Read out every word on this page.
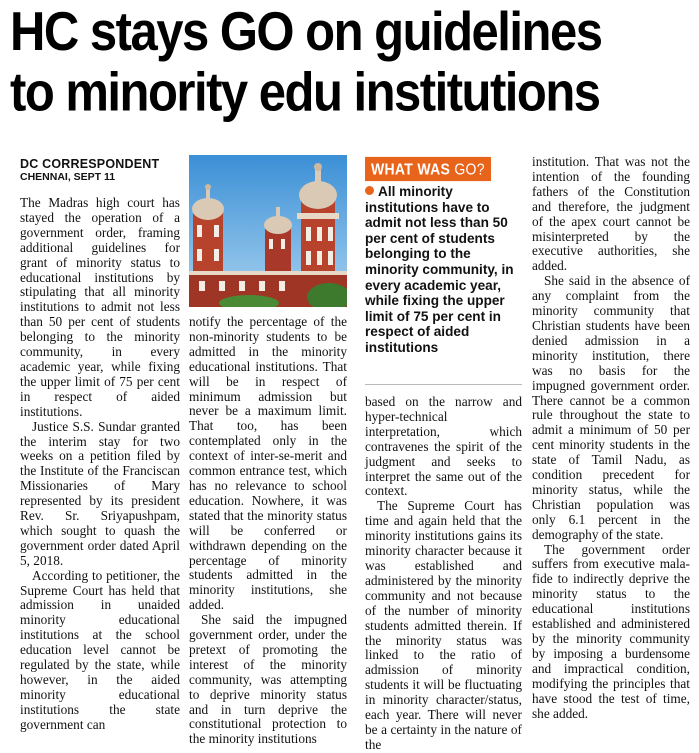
HC stays GO on guidelines
to minority edu institutions
DC CORRESPONDENT
CHENNAI, SEPT 11

The Madras high court has stayed the operation of a government order, framing additional guidelines for grant of minority status to educational institutions by stipulating that all minority institutions to admit not less than 50 per cent of students belonging to the minority community, in every academic year, while fixing the upper limit of 75 per cent in respect of aided institutions.

Justice S.S. Sundar granted the interim stay for two weeks on a petition filed by the Institute of the Franciscan Missionaries of Mary represented by its president Rev. Sr. Sriyapushpam, which sought to quash the government order dated April 5, 2018.

According to petitioner, the Supreme Court has held that admission in unaided minority educational institutions at the school education level cannot be regulated by the state, while however, in the aided minority educational institutions the state government can

notify the percentage of the non-minority students to be admitted in the minority educational institutions. That will be in respect of minimum admission but never be a maximum limit. That too, has been contemplated only in the context of inter-se-merit and common entrance test, which has no relevance to school education. Nowhere, it was stated that the minority status will be conferred or withdrawn depending on the percentage of minority students admitted in the minority institutions, she added.

She said the impugned government order, under the pretext of promoting the interest of the minority community, was attempting to deprive minority status and in turn deprive the constitutional protection to the minority institutions

WHAT WAS GO?
All minority institutions have to admit not less than 50 per cent of students belonging to the minority community, in every academic year, while fixing the upper limit of 75 per cent in respect of aided institutions

based on the narrow and hyper-technical interpretation, which contravenes the spirit of the judgment and seeks to interpret the same out of the context.

The Supreme Court has time and again held that the minority institutions gains its minority character because it was established and administered by the minority community and not because of the number of minority students admitted therein. If the minority status was linked to the ratio of admission of minority students it will be fluctuating in minority character/status, each year. There will never be a certainty in the nature of the

institution. That was not the intention of the founding fathers of the Constitution and therefore, the judgment of the apex court cannot be misinterpreted by the executive authorities, she added.

She said in the absence of any complaint from the minority community that Christian students have been denied admission in a minority institution, there was no basis for the impugned government order. There cannot be a common rule throughout the state to admit a minimum of 50 per cent minority students in the state of Tamil Nadu, as condition precedent for minority status, while the Christian population was only 6.1 percent in the demography of the state.

The government order suffers from executive mala-fide to indirectly deprive the minority status to the educational institutions established and administered by the minority community by imposing a burdensome and impractical condition, modifying the principles that have stood the test of time, she added.
